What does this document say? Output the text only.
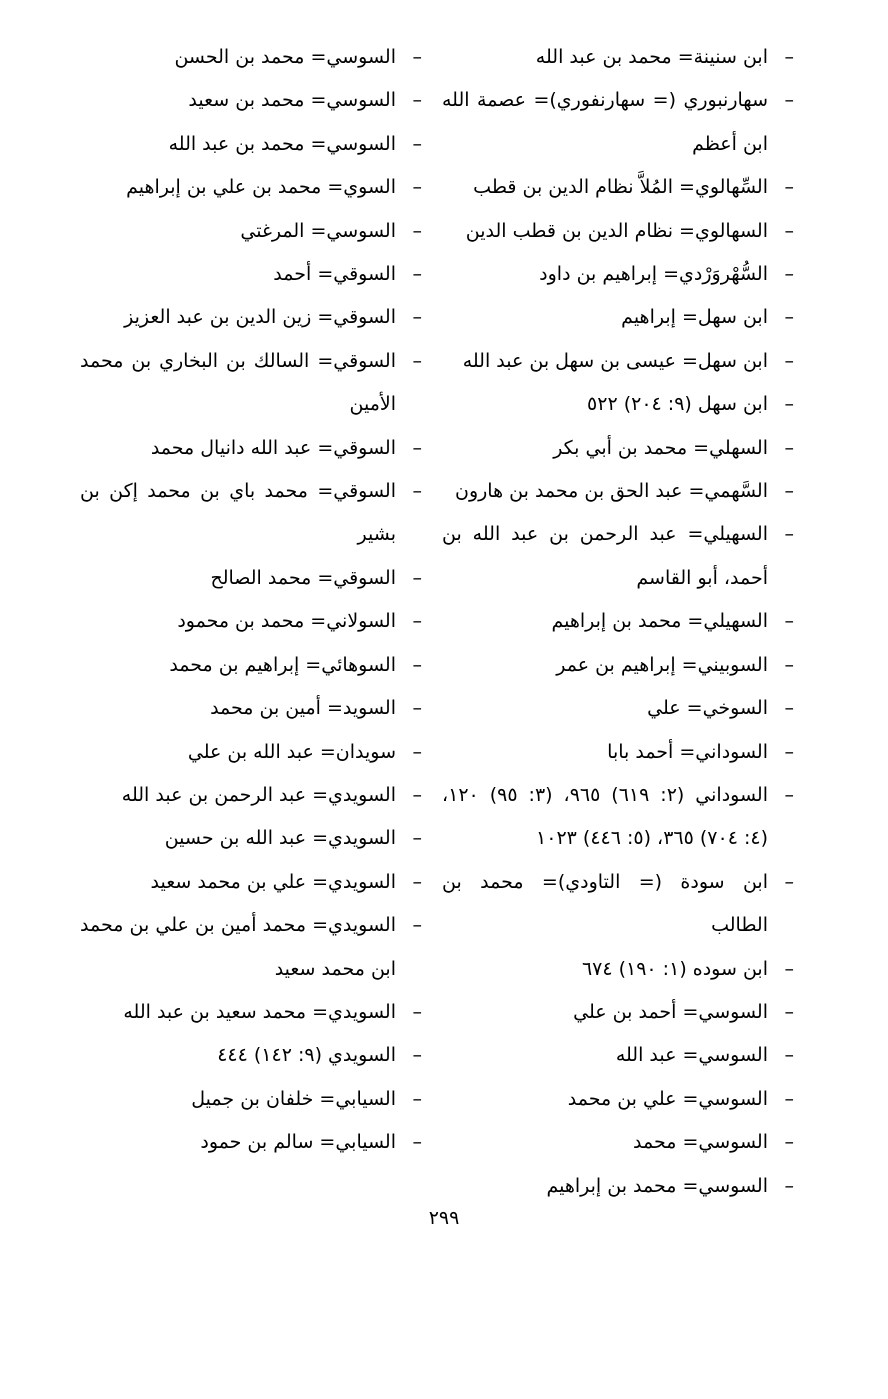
– ابن سنينة= محمد بن عبد الله
– سهارنبوري (= سهارنفوري)= عصمة الله ابن أعظم
– السِّهالوي= المُلاَّ نظام الدين بن قطب
– السهالوي= نظام الدين بن قطب الدين
– السُّهْروَرْدي= إبراهيم بن داود
– ابن سهل= إبراهيم
– ابن سهل= عيسى بن سهل بن عبد الله
– ابن سهل (٩: ٢٠٤) ٥٢٢
– السهلي= محمد بن أبي بكر
– السَّهمي= عبد الحق بن محمد بن هارون
– السهيلي= عبد الرحمن بن عبد الله بن أحمد، أبو القاسم
– السهيلي= محمد بن إبراهيم
– السوبيني= إبراهيم بن عمر
– السوخي= علي
– السوداني= أحمد بابا
– السوداني (٢: ٦١٩) ٩٦٥، (٣: ٩٥) ١٢٠، (٤: ٧٠٤) ٣٦٥، (٥: ٤٤٦) ١٠٢٣
– ابن سودة (= التاودي)= محمد بن الطالب
– ابن سوده (١: ١٩٠) ٦٧٤
– السوسي= أحمد بن علي
– السوسي= عبد الله
– السوسي= علي بن محمد
– السوسي= محمد
– السوسي= محمد بن إبراهيم
– السوسي= محمد بن الحسن
– السوسي= محمد بن سعيد
– السوسي= محمد بن عبد الله
– السوي= محمد بن علي بن إبراهيم
– السوسي= المرغتي
– السوقي= أحمد
– السوقي= زين الدين بن عبد العزيز
– السوقي= السالك بن البخاري بن محمد الأمين
– السوقي= عبد الله دانيال محمد
– السوقي= محمد باي بن محمد إكن بن بشير
– السوقي= محمد الصالح
– السولاني= محمد بن محمود
– السوهائي= إبراهيم بن محمد
– السويد= أمين بن محمد
– سويدان= عبد الله بن علي
– السويدي= عبد الرحمن بن عبد الله
– السويدي= عبد الله بن حسين
– السويدي= علي بن محمد سعيد
– السويدي= محمد أمين بن علي بن محمد ابن محمد سعيد
– السويدي= محمد سعيد بن عبد الله
– السويدي (٩: ١٤٢) ٤٤٤
– السيابي= خلفان بن جميل
– السيابي= سالم بن حمود
٢٩٩
